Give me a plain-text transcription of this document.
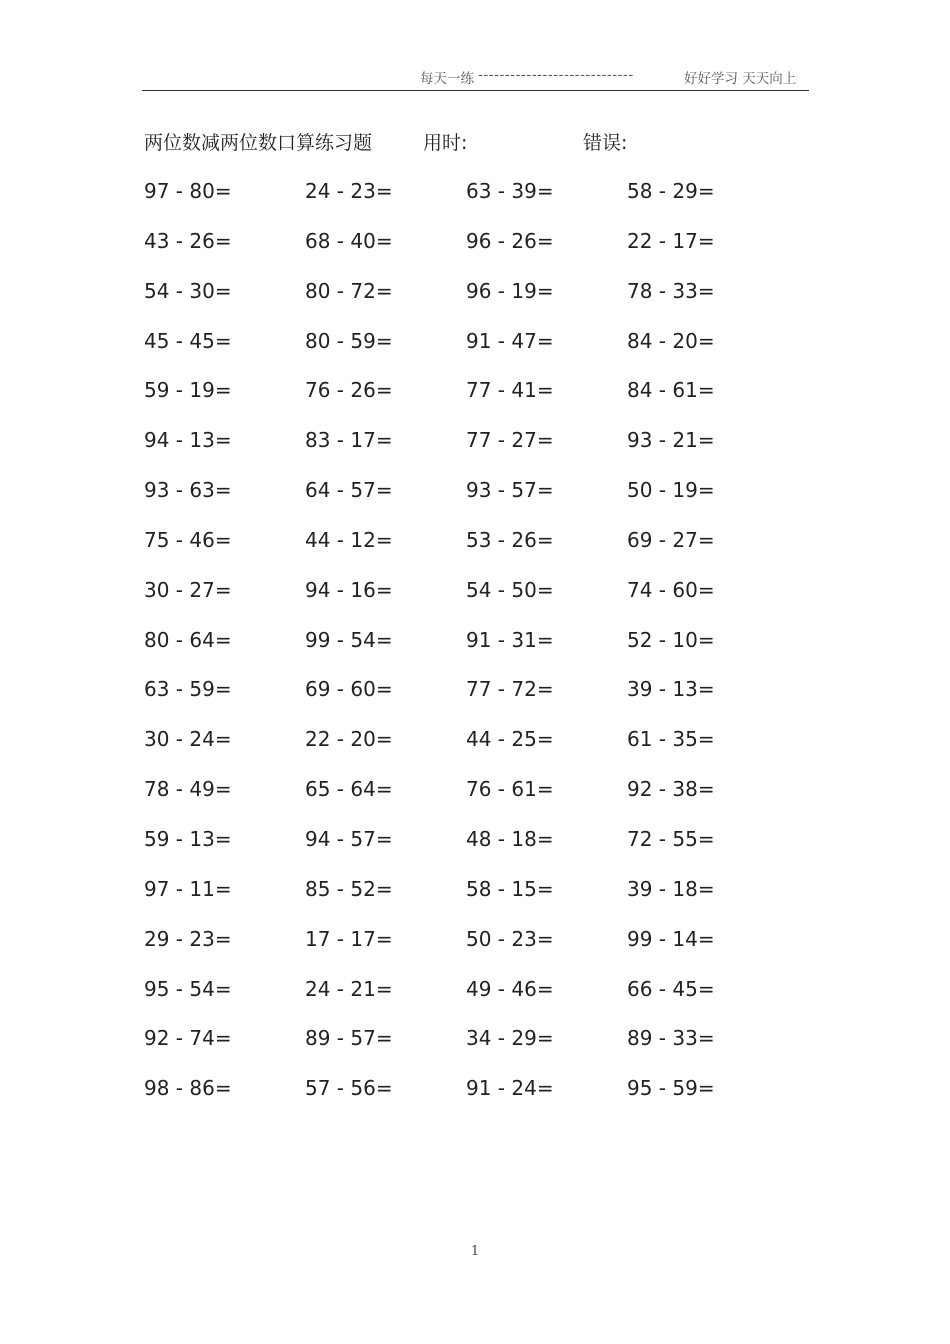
每天一练 -----------------------------	好好学习 天天向上
两位数减两位数口算练习题	用时:	错误:
97 - 80=	24 - 23=	63 - 39=	58 - 29=
43 - 26=	68 - 40=	96 - 26=	22 - 17=
54 - 30=	80 - 72=	96 - 19=	78 - 33=
45 - 45=	80 - 59=	91 - 47=	84 - 20=
59 - 19=	76 - 26=	77 - 41=	84 - 61=
94 - 13=	83 - 17=	77 - 27=	93 - 21=
93 - 63=	64 - 57=	93 - 57=	50 - 19=
75 - 46=	44 - 12=	53 - 26=	69 - 27=
30 - 27=	94 - 16=	54 - 50=	74 - 60=
80 - 64=	99 - 54=	91 - 31=	52 - 10=
63 - 59=	69 - 60=	77 - 72=	39 - 13=
30 - 24=	22 - 20=	44 - 25=	61 - 35=
78 - 49=	65 - 64=	76 - 61=	92 - 38=
59 - 13=	94 - 57=	48 - 18=	72 - 55=
97 - 11=	85 - 52=	58 - 15=	39 - 18=
29 - 23=	17 - 17=	50 - 23=	99 - 14=
95 - 54=	24 - 21=	49 - 46=	66 - 45=
92 - 74=	89 - 57=	34 - 29=	89 - 33=
98 - 86=	57 - 56=	91 - 24=	95 - 59=
1
